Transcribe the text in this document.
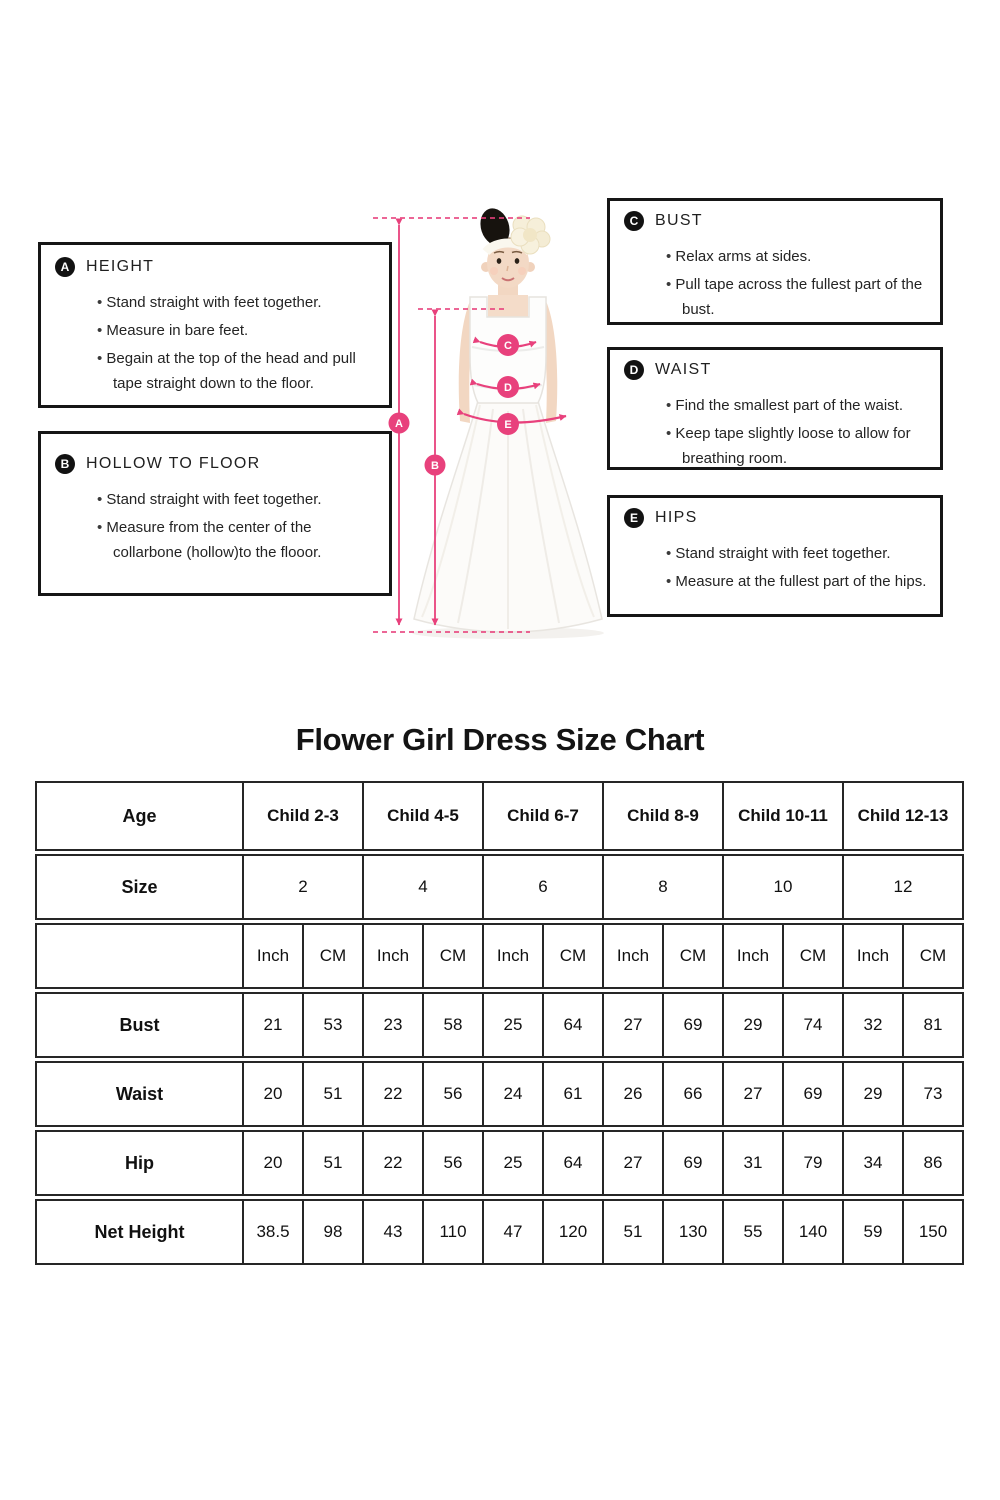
A
B
C
D
E
A	HEIGHT
• Stand straight with feet together.
• Measure in bare feet.
• Begain at the top of the head and pull tape straight down to the floor.
B	HOLLOW TO FLOOR
• Stand straight with feet together.
• Measure from the center of the collarbone (hollow)to the flooor.
C	BUST
• Relax arms at sides.
• Pull tape across the fullest part of the bust.
D	WAIST
• Find the smallest part of the waist.
• Keep tape slightly loose to allow for breathing room.
E	HIPS
• Stand straight with feet together.
• Measure at the fullest part of the hips.
Flower Girl Dress Size Chart
Age	Child 2-3	Child 4-5	Child 6-7	Child 8-9	Child 10-11	Child 12-13
Size	2	4	6	8	10	12
Inch	CM	Inch	CM	Inch	CM	Inch	CM	Inch	CM	Inch	CM
Bust	21	53	23	58	25	64	27	69	29	74	32	81
Waist	20	51	22	56	24	61	26	66	27	69	29	73
Hip	20	51	22	56	25	64	27	69	31	79	34	86
Net Height	38.5	98	43	110	47	120	51	130	55	140	59	150
